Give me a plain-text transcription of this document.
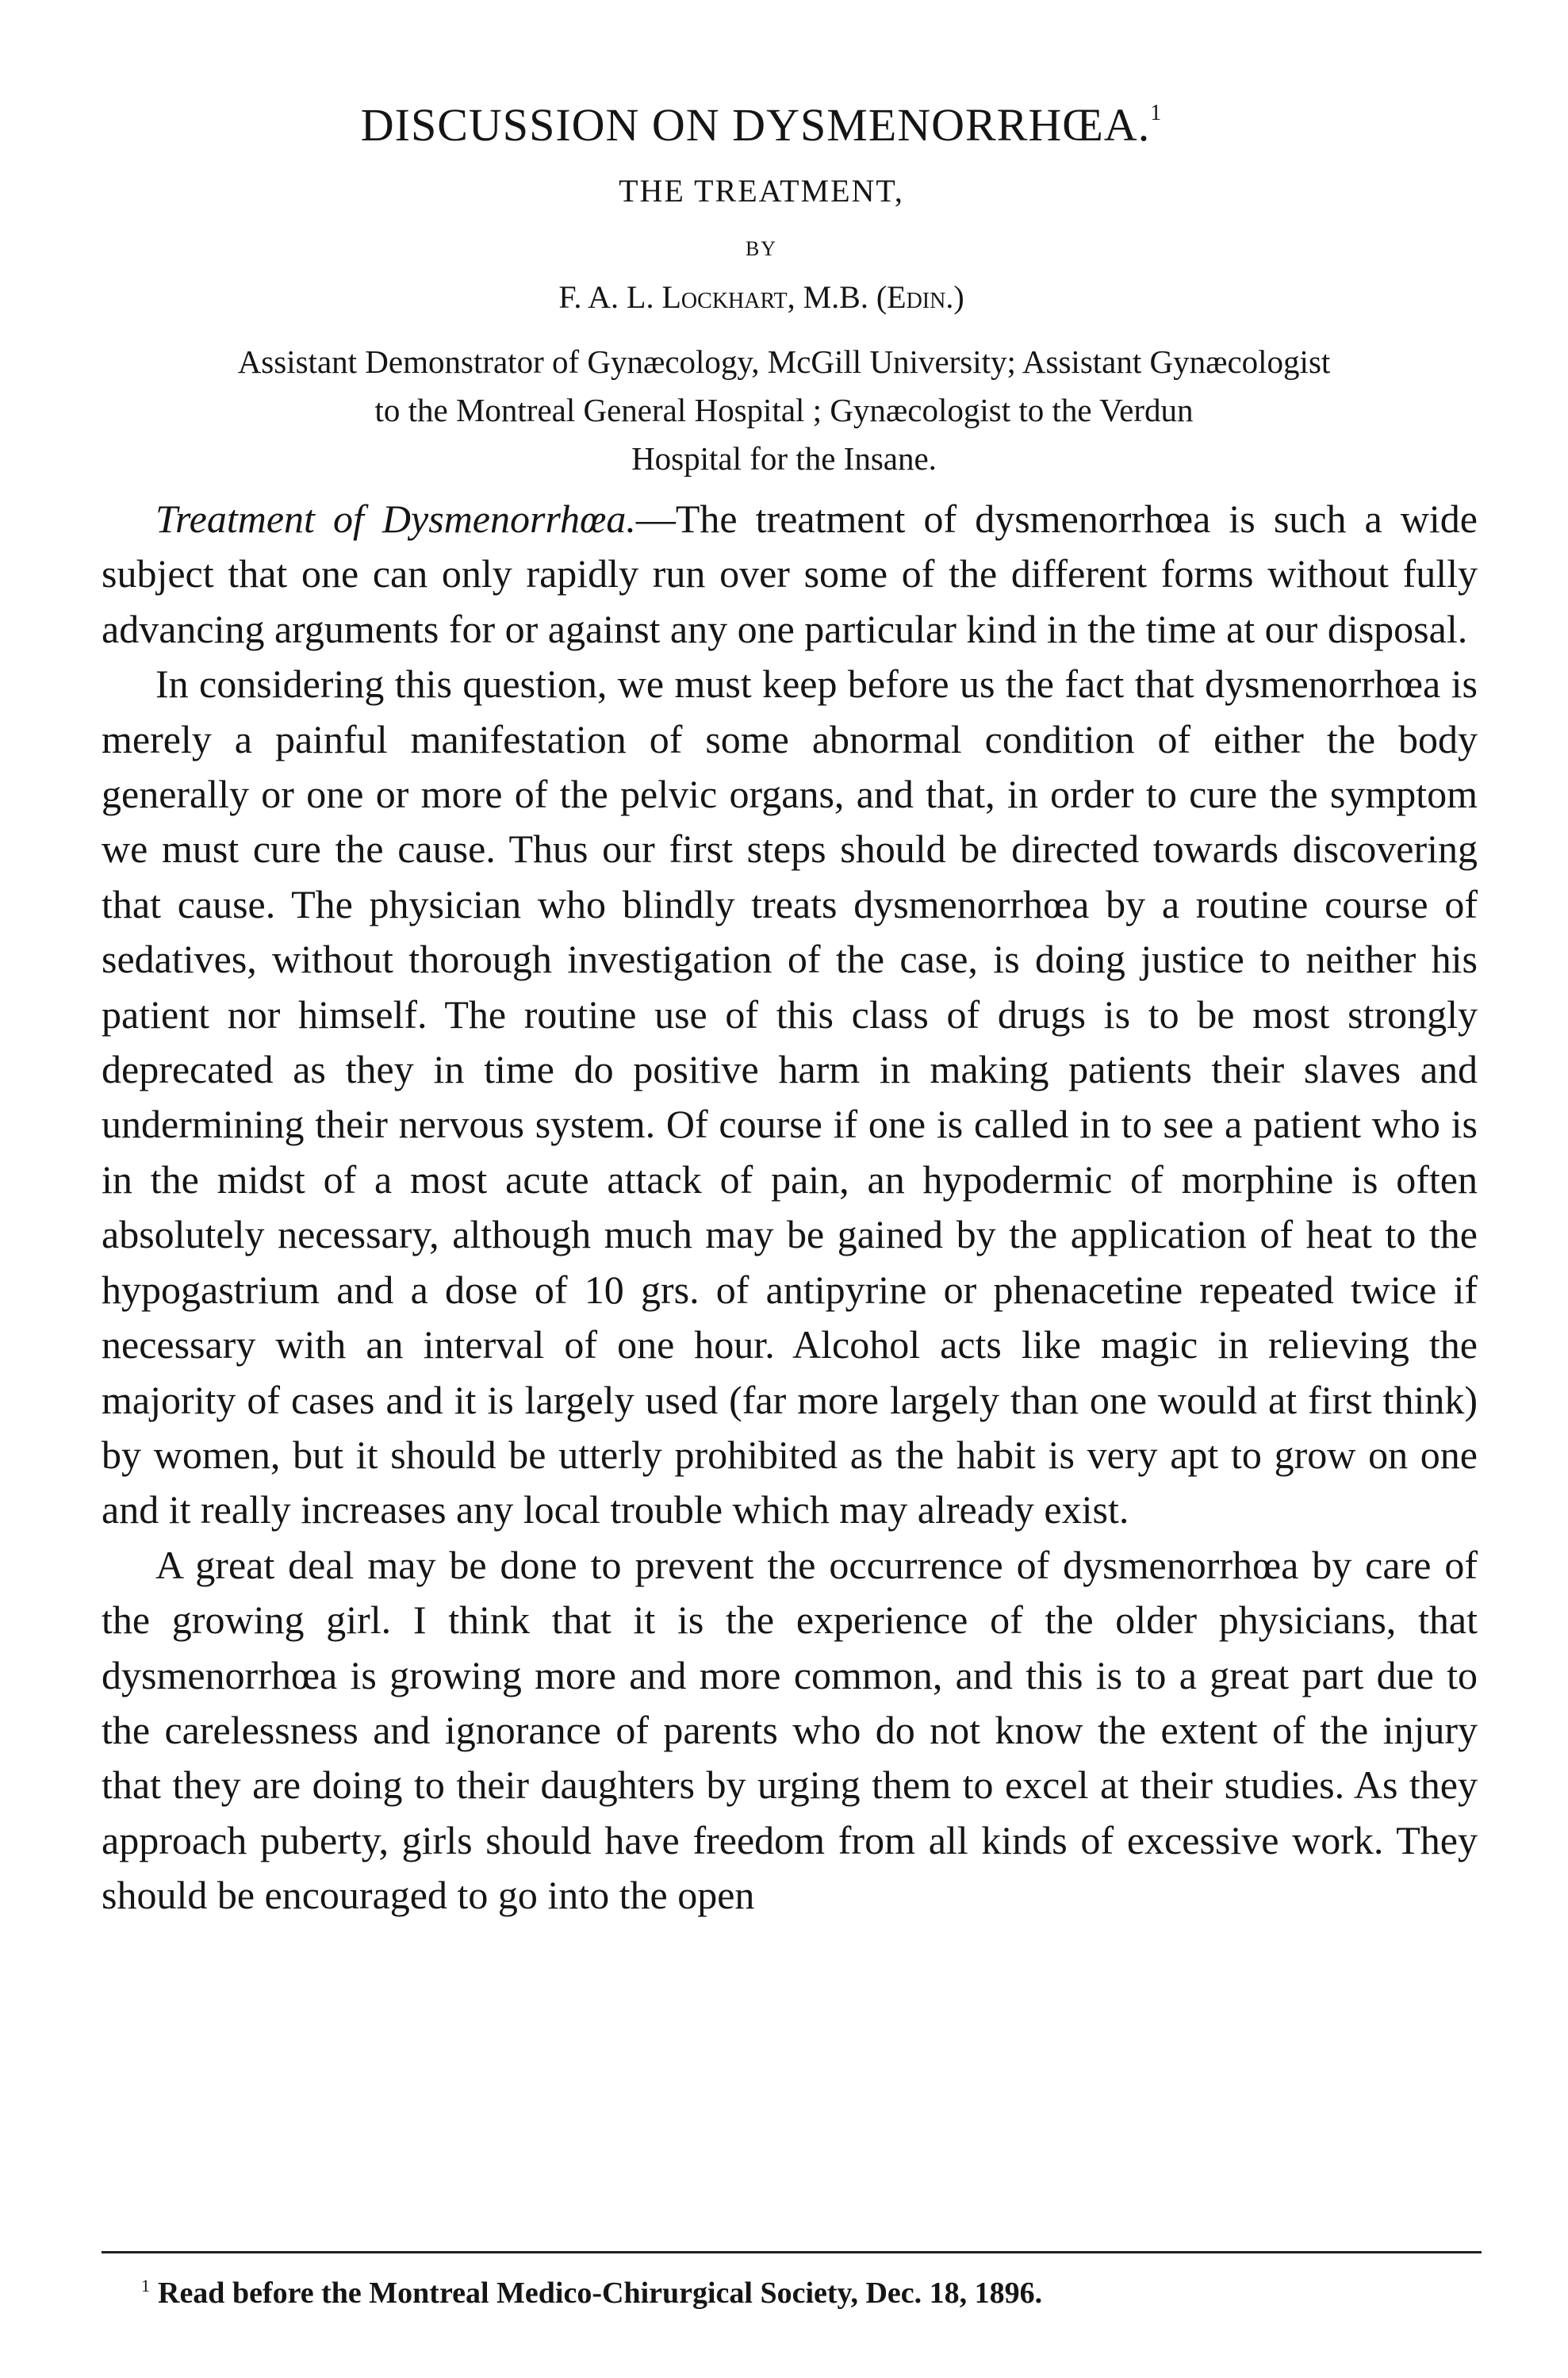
DISCUSSION ON DYSMENORRHŒA.$^1$
THE TREATMENT,
BY
F. A. L. Lockhart, M.B. (Edin.)
Assistant Demonstrator of Gynæcology, McGill University; Assistant Gynæcologist
to the Montreal General Hospital ; Gynæcologist to the Verdun
Hospital for the Insane.

Treatment of Dysmenorrhœa.—The treatment of dysmenorrhœa is such a wide subject that one can only rapidly run over some of the different forms without fully advancing arguments for or against any one particular kind in the time at our disposal.

In considering this question, we must keep before us the fact that dysmenorrhœa is merely a painful manifestation of some abnormal condition of either the body generally or one or more of the pelvic organs, and that, in order to cure the symptom we must cure the cause. Thus our first steps should be directed towards discovering that cause. The physician who blindly treats dysmenorrhœa by a routine course of sedatives, without thorough investigation of the case, is doing justice to neither his patient nor himself. The routine use of this class of drugs is to be most strongly deprecated as they in time do positive harm in making patients their slaves and undermining their nervous system. Of course if one is called in to see a patient who is in the midst of a most acute attack of pain, an hypodermic of morphine is often absolutely necessary, although much may be gained by the application of heat to the hypogastrium and a dose of 10 grs. of antipyrine or phenacetine repeated twice if necessary with an interval of one hour. Alcohol acts like magic in relieving the majority of cases and it is largely used (far more largely than one would at first think) by women, but it should be utterly prohibited as the habit is very apt to grow on one and it really increases any local trouble which may already exist.

A great deal may be done to prevent the occurrence of dysmenorrhœa by care of the growing girl. I think that it is the experience of the older physicians, that dysmenorrhœa is growing more and more common, and this is to a great part due to the carelessness and ignorance of parents who do not know the extent of the injury that they are doing to their daughters by urging them to excel at their studies. As they approach puberty, girls should have freedom from all kinds of excessive work. They should be encouraged to go into the open

$^1$ Read before the Montreal Medico-Chirurgical Society, Dec. 18, 1896.
